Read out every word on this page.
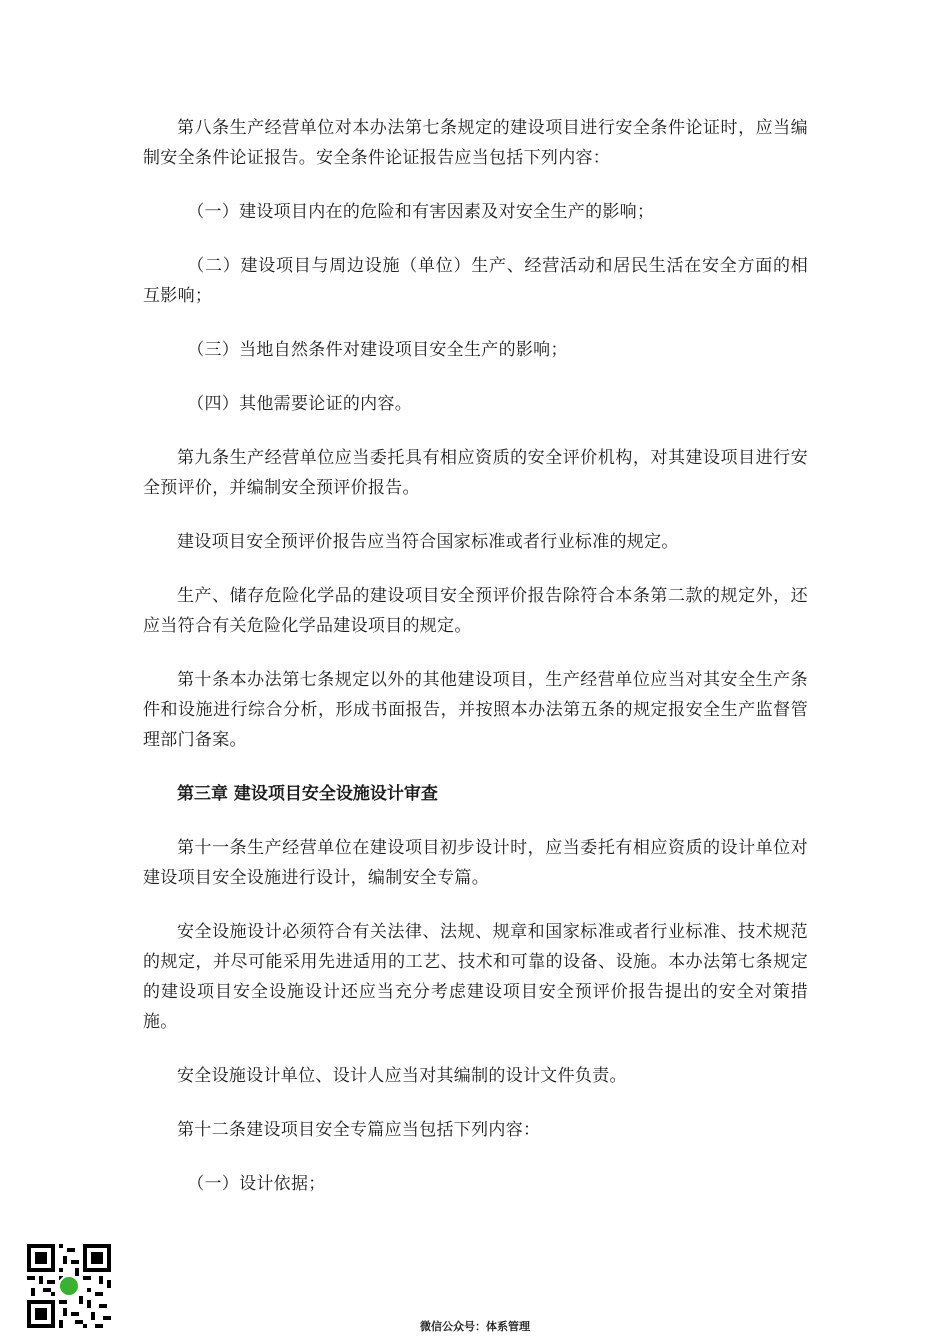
第八条生产经营单位对本办法第七条规定的建设项目进行安全条件论证时，应当编制安全条件论证报告。安全条件论证报告应当包括下列内容：

（一）建设项目内在的危险和有害因素及对安全生产的影响；

（二）建设项目与周边设施（单位）生产、经营活动和居民生活在安全方面的相互影响；

（三）当地自然条件对建设项目安全生产的影响；

（四）其他需要论证的内容。

第九条生产经营单位应当委托具有相应资质的安全评价机构，对其建设项目进行安全预评价，并编制安全预评价报告。

建设项目安全预评价报告应当符合国家标准或者行业标准的规定。

生产、储存危险化学品的建设项目安全预评价报告除符合本条第二款的规定外，还应当符合有关危险化学品建设项目的规定。

第十条本办法第七条规定以外的其他建设项目，生产经营单位应当对其安全生产条件和设施进行综合分析，形成书面报告，并按照本办法第五条的规定报安全生产监督管理部门备案。

第三章 建设项目安全设施设计审查

第十一条生产经营单位在建设项目初步设计时，应当委托有相应资质的设计单位对建设项目安全设施进行设计，编制安全专篇。

安全设施设计必须符合有关法律、法规、规章和国家标准或者行业标准、技术规范的规定，并尽可能采用先进适用的工艺、技术和可靠的设备、设施。本办法第七条规定的建设项目安全设施设计还应当充分考虑建设项目安全预评价报告提出的安全对策措施。

安全设施设计单位、设计人应当对其编制的设计文件负责。

第十二条建设项目安全专篇应当包括下列内容：

（一）设计依据；

微信公众号：体系管理
